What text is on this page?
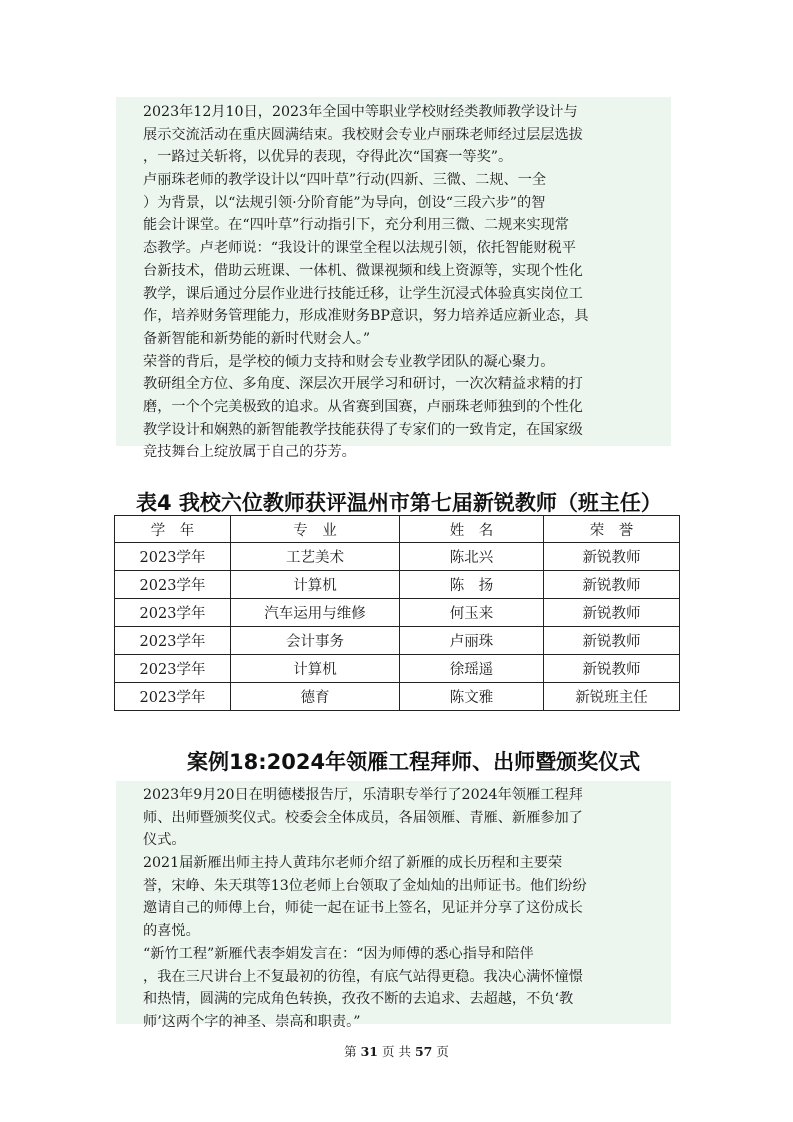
2023年12月10日，2023年全国中等职业学校财经类教师教学设计与
展示交流活动在重庆圆满结束。我校财会专业卢丽珠老师经过层层选拔
，一路过关斩将，以优异的表现，夺得此次“国赛一等奖”。
卢丽珠老师的教学设计以“四叶草”行动(四新、三微、二规、一全
）为背景，以“法规引领·分阶育能”为导向，创设“三段六步”的智
能会计课堂。在“四叶草”行动指引下，充分利用三微、二规来实现常
态教学。卢老师说：“我设计的课堂全程以法规引领，依托智能财税平
台新技术，借助云班课、一体机、微课视频和线上资源等，实现个性化
教学，课后通过分层作业进行技能迁移，让学生沉浸式体验真实岗位工
作，培养财务管理能力，形成准财务BP意识，努力培养适应新业态，具
备新智能和新势能的新时代财会人。”
荣誉的背后，是学校的倾力支持和财会专业教学团队的凝心聚力。
教研组全方位、多角度、深层次开展学习和研讨，一次次精益求精的打
磨，一个个完美极致的追求。从省赛到国赛，卢丽珠老师独到的个性化
教学设计和娴熟的新智能教学技能获得了专家们的一致肯定，在国家级
竞技舞台上绽放属于自己的芬芳。
表4 我校六位教师获评温州市第七届新锐教师（班主任）
学　年	专　业	姓　名	荣　誉
2023学年	工艺美术	陈北兴	新锐教师
2023学年	计算机	陈　扬	新锐教师
2023学年	汽车运用与维修	何玉来	新锐教师
2023学年	会计事务	卢丽珠	新锐教师
2023学年	计算机	徐瑶遥	新锐教师
2023学年	德育	陈文雅	新锐班主任
案例18:2024年领雁工程拜师、出师暨颁奖仪式
2023年9月20日在明德楼报告厅，乐清职专举行了2024年领雁工程拜
师、出师暨颁奖仪式。校委会全体成员，各届领雁、青雁、新雁参加了
仪式。
2021届新雁出师主持人黄玮尔老师介绍了新雁的成长历程和主要荣
誉，宋峥、朱天琪等13位老师上台领取了金灿灿的出师证书。他们纷纷
邀请自己的师傅上台，师徒一起在证书上签名，见证并分享了这份成长
的喜悦。
“新竹工程”新雁代表李娟发言在：“因为师傅的悉心指导和陪伴
，我在三尺讲台上不复最初的彷徨，有底气站得更稳。我决心满怀憧憬
和热情，圆满的完成角色转换，孜孜不断的去追求、去超越，不负‘教
师’这两个字的神圣、崇高和职责。”
第 31 页 共 57 页
